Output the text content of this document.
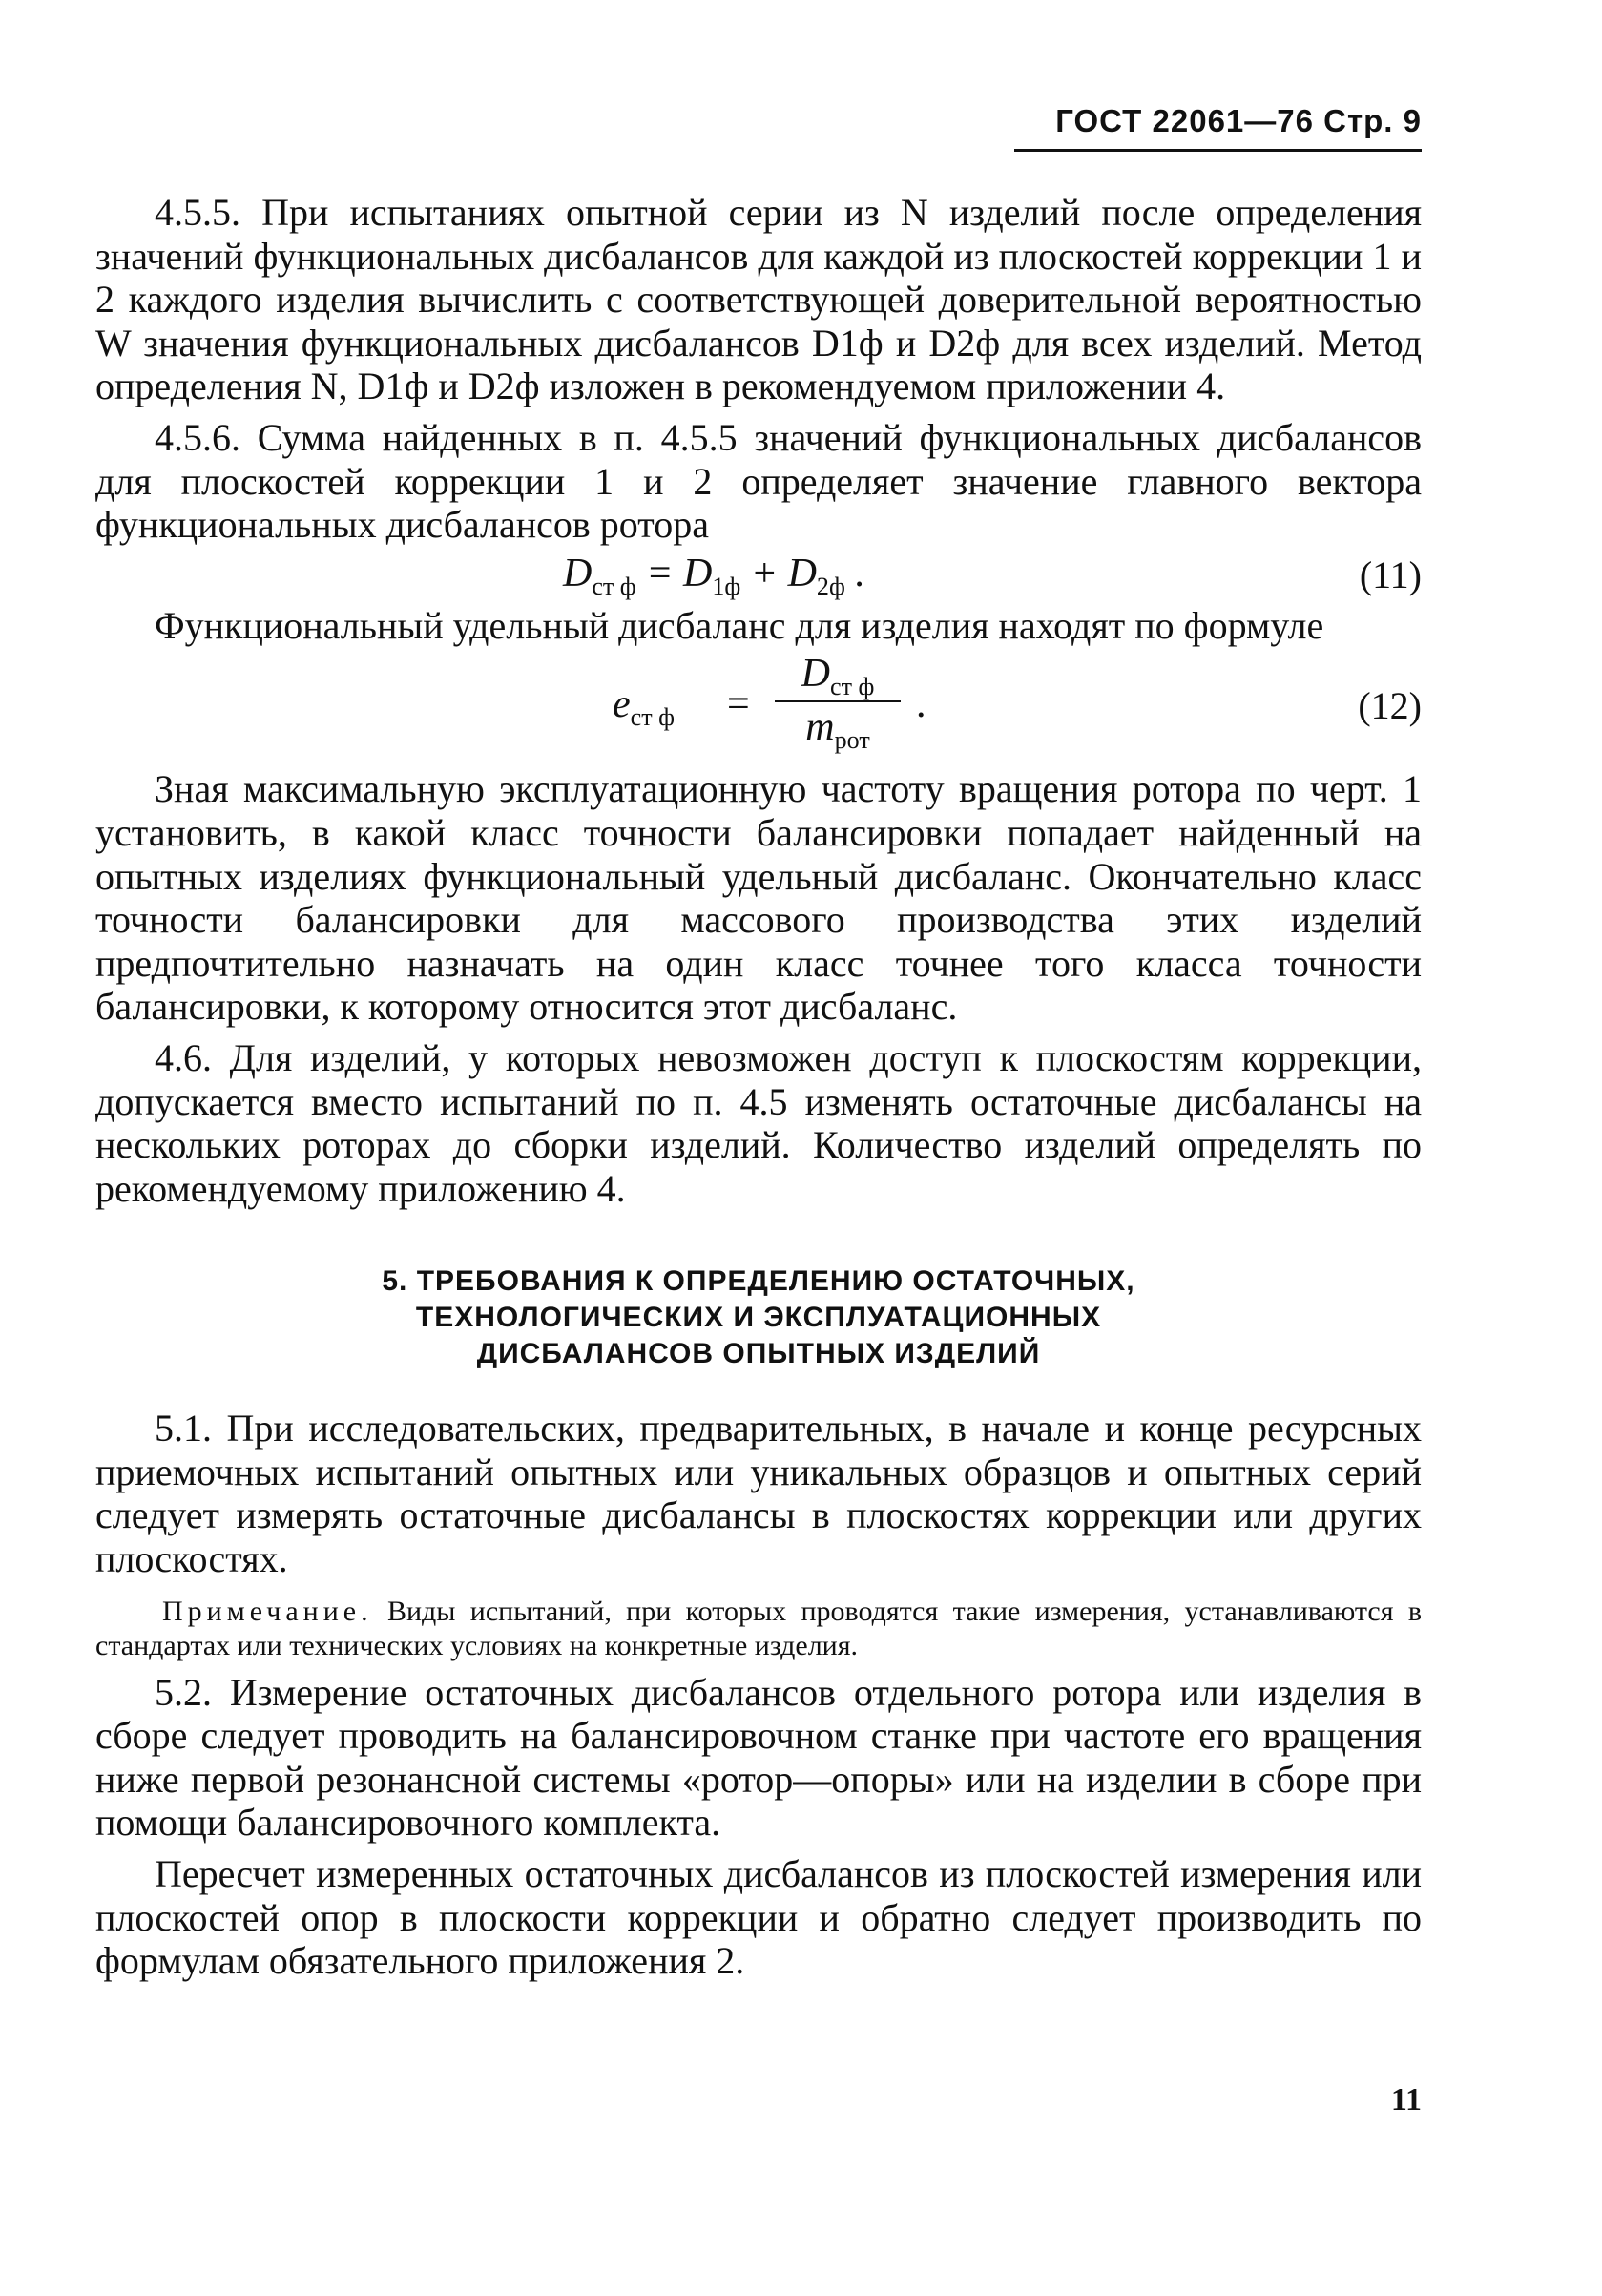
ГОСТ 22061—76 Стр. 9

4.5.5. При испытаниях опытной серии из N изделий после определения значений функциональных дисбалансов для каждой из плоскостей коррекции 1 и 2 каждого изделия вычислить с соответствующей доверительной вероятностью W значения функциональных дисбалансов D1ф и D2ф для всех изделий. Метод определения N, D1ф и D2ф изложен в рекомендуемом приложении 4.

4.5.6. Сумма найденных в п. 4.5.5 значений функциональных дисбалансов для плоскостей коррекции 1 и 2 определяет значение главного вектора функциональных дисбалансов ротора

$D_{ст ф} = D_{1ф} + D_{2ф}$ .	(11)

Функциональный удельный дисбаланс для изделия находят по формуле

$e_{ст ф}$ =
$D_{ст ф}$
$m_{рот}$
.	(12)

Зная максимальную эксплуатационную частоту вращения ротора по черт. 1 установить, в какой класс точности балансировки попадает найденный на опытных изделиях функциональный удельный дисбаланс. Окончательно класс точности балансировки для массового производства этих изделий предпочтительно назначать на один класс точнее того класса точности балансировки, к которому относится этот дисбаланс.

4.6. Для изделий, у которых невозможен доступ к плоскостям коррекции, допускается вместо испытаний по п. 4.5 изменять остаточные дисбалансы на нескольких роторах до сборки изделий. Количество изделий определять по рекомендуемому приложению 4.

5. ТРЕБОВАНИЯ К ОПРЕДЕЛЕНИЮ ОСТАТОЧНЫХ,
ТЕХНОЛОГИЧЕСКИХ И ЭКСПЛУАТАЦИОННЫХ
ДИСБАЛАНСОВ ОПЫТНЫХ ИЗДЕЛИЙ

5.1. При исследовательских, предварительных, в начале и конце ресурсных приемочных испытаний опытных или уникальных образцов и опытных серий следует измерять остаточные дисбалансы в плоскостях коррекции или других плоскостях.

Примечание. Виды испытаний, при которых проводятся такие измерения, устанавливаются в стандартах или технических условиях на конкретные изделия.

5.2. Измерение остаточных дисбалансов отдельного ротора или изделия в сборе следует проводить на балансировочном станке при частоте его вращения ниже первой резонансной системы «ротор—опоры» или на изделии в сборе при помощи балансировочного комплекта.

Пересчет измеренных остаточных дисбалансов из плоскостей измерения или плоскостей опор в плоскости коррекции и обратно следует производить по формулам обязательного приложения 2.

11
